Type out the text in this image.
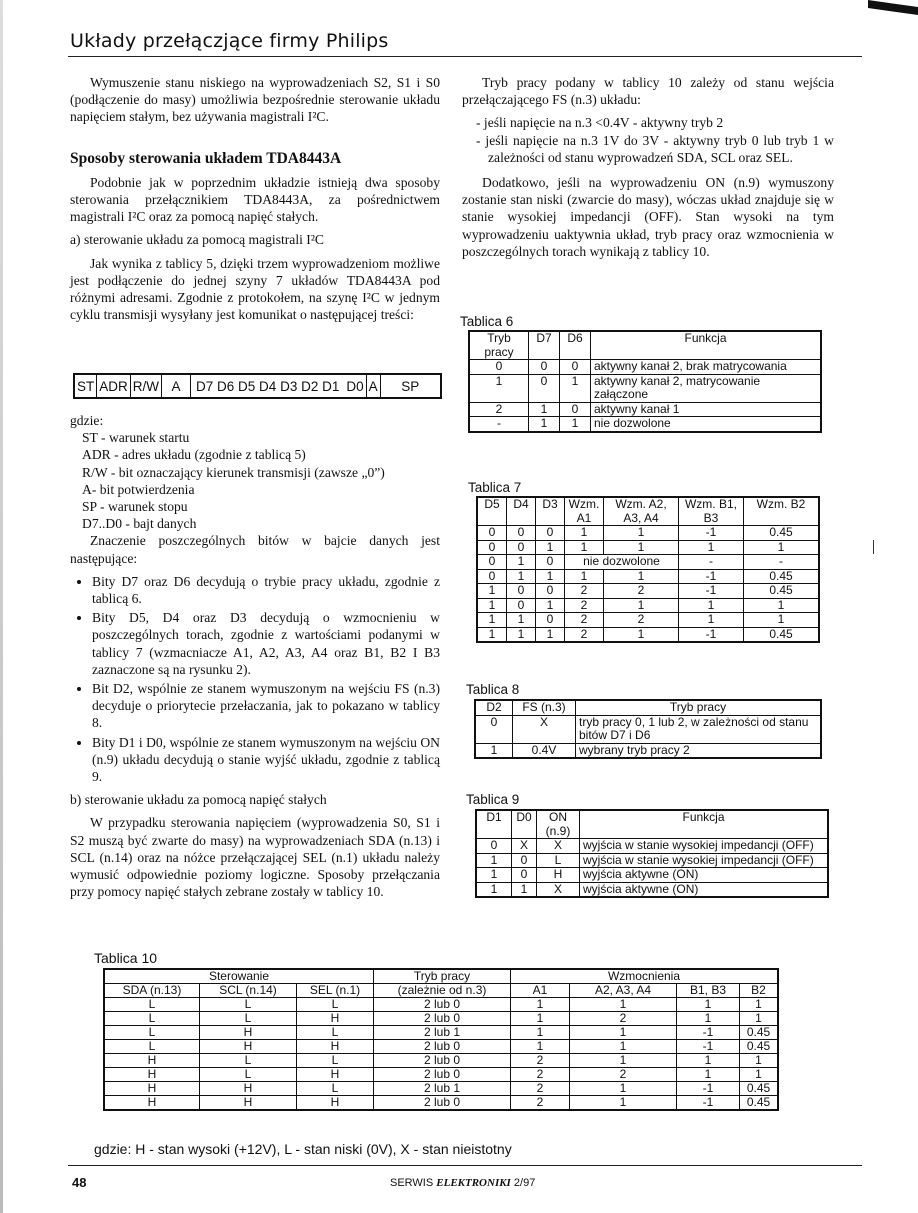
Układy przełączjące firmy Philips

Wymuszenie stanu niskiego na wyprowadzeniach S2, S1 i S0 (podłączenie do masy) umożliwia bezpośrednie sterowanie układu napięciem stałym, bez używania magistrali I²C.

Sposoby sterowania układem TDA8443A

Podobnie jak w poprzednim układzie istnieją dwa sposoby sterowania przełącznikiem TDA8443A, za pośrednictwem magistrali I²C oraz za pomocą napięć stałych.

a) sterowanie układu za pomocą magistrali I²C

Jak wynika z tablicy 5, dzięki trzem wyprowadzeniom możliwe jest podłączenie do jednej szyny 7 układów TDA8443A pod różnymi adresami. Zgodnie z protokołem, na szynę I²C w jednym cyklu transmisji wysyłany jest komunikat o następującej treści:

ST ADR R/W A	D7 D6 D5 D4 D3 D2 D1 D0 A	SP

gdzie:

ST - warunek startu

ADR - adres układu (zgodnie z tablicą 5)

R/W - bit oznaczający kierunek transmisji (zawsze „0”)

A- bit potwierdzenia

SP - warunek stopu

D7..D0 - bajt danych

Znaczenie poszczególnych bitów w bajcie danych jest następujące:

• Bity D7 oraz D6 decydują o trybie pracy układu, zgodnie z tablicą 6.
• Bity D5, D4 oraz D3 decydują o wzmocnieniu w poszczególnych torach, zgodnie z wartościami podanymi w tablicy 7 (wzmacniacze A1, A2, A3, A4 oraz B1, B2 I B3 zaznaczone są na rysunku 2).
• Bit D2, wspólnie ze stanem wymuszonym na wejściu FS (n.3) decyduje o priorytecie przełaczania, jak to pokazano w tablicy 8.
• Bity D1 i D0, wspólnie ze stanem wymuszonym na wejściu ON (n.9) układu decydują o stanie wyjść układu, zgodnie z tablicą 9.

b) sterowanie układu za pomocą napięć stałych

W przypadku sterowania napięciem (wyprowadzenia S0, S1 i S2 muszą być zwarte do masy) na wyprowadzeniach SDA (n.13) i SCL (n.14) oraz na nóżce przełączającej SEL (n.1) układu należy wymusić odpowiednie poziomy logiczne. Sposoby przełączania przy pomocy napięć stałych zebrane zostały w tablicy 10.

Tryb pracy podany w tablicy 10 zależy od stanu wejścia przełączającego FS (n.3) układu:

- jeśli napięcie na n.3 <0.4V - aktywny tryb 2

- jeśli napięcie na n.3 1V do 3V - aktywny tryb 0 lub tryb 1 w zależności od stanu wyprowadzeń SDA, SCL oraz SEL.

Dodatkowo, jeśli na wyprowadzeniu ON (n.9) wymuszony zostanie stan niski (zwarcie do masy), wóczas układ znajduje się w stanie wysokiej impedancji (OFF). Stan wysoki na tym wyprowadzeniu uaktywnia układ, tryb pracy oraz wzmocnienia w poszczególnych torach wynikają z tablicy 10.

Tablica 6
Tryb pracy	D7	D6	Funkcja
0	0	0	aktywny kanał 2, brak matrycowania
1	0	1	aktywny kanał 2, matrycowanie załączone
2	1	0	aktywny kanał 1
-	1	1	nie dozwolone
Tablica 7
D5	D4	D3	Wzm. A1	Wzm. A2, A3, A4	Wzm. B1, B3	Wzm. B2
0	0	0	1	1	-1	0.45
0	0	1	1	1	1	1
0	1	0	nie dozwolone		-	-
0	1	1	1	1	-1	0.45
1	0	0	2	2	-1	0.45
1	0	1	2	1	1	1
1	1	0	2	2	1	1
1	1	1	2	1	-1	0.45
Tablica 8
D2	FS (n.3)	Tryb pracy
0	X	tryb pracy 0, 1 lub 2, w zależności od stanu bitów D7 i D6
1	0.4V	wybrany tryb pracy 2
Tablica 9
D1	D0	ON (n.9)	Funkcja
0	X	X	wyjścia w stanie wysokiej impedancji (OFF)
1	0	L	wyjścia w stanie wysokiej impedancji (OFF)
1	0	H	wyjścia aktywne (ON)
1	1	X	wyjścia aktywne (ON)
Tablica 10
Sterowanie			Tryb pracy	Wzmocnienia			
SDA (n.13)	SCL (n.14)	SEL (n.1)	(zależnie od n.3)	A1	A2, A3, A4	B1, B3	B2
L	L	L	2 lub 0	1	1	1	1
L	L	H	2 lub 0	1	2	1	1
L	H	L	2 lub 1	1	1	-1	0.45
L	H	H	2 lub 0	1	1	-1	0.45
H	L	L	2 lub 0	2	1	1	1
H	L	H	2 lub 0	2	2	1	1
H	H	L	2 lub 1	2	1	-1	0.45
H	H	H	2 lub 0	2	1	-1	0.45
gdzie: H - stan wysoki (+12V), L - stan niski (0V), X - stan nieistotny
48	SERWIS ELEKTRONIKI 2/97
